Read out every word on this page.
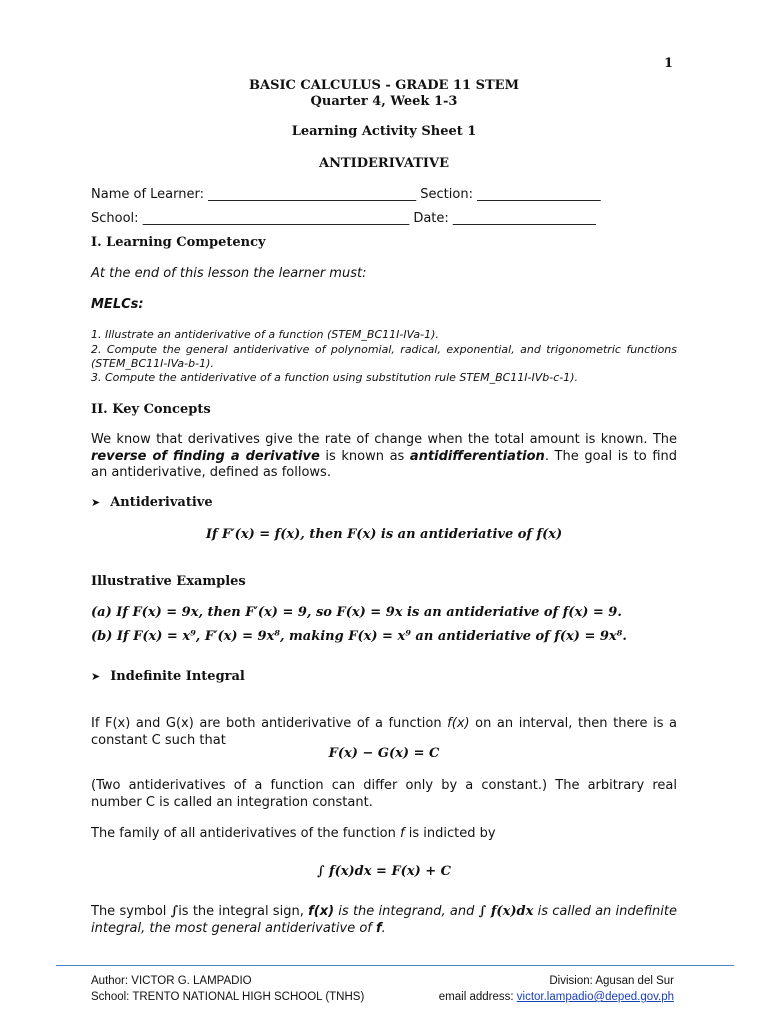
1
BASIC CALCULUS - GRADE 11 STEM
Quarter 4, Week 1-3
Learning Activity Sheet 1
ANTIDERIVATIVE
Name of Learner: ________________________________ Section: ___________________
School: _________________________________________ Date: ______________________
I. Learning Competency
At the end of this lesson the learner must:
MELCs:
1. Illustrate an antiderivative of a function (STEM_BC11I-IVa-1).
2. Compute the general antiderivative of polynomial, radical, exponential, and trigonometric functions (STEM_BC11I-IVa-b-1).
3. Compute the antiderivative of a function using substitution rule STEM_BC11I-IVb-c-1).
II. Key Concepts
We know that derivatives give the rate of change when the total amount is known. The reverse of finding a derivative is known as antidifferentiation. The goal is to find an antiderivative, defined as follows.
➤ Antiderivative
If F′(x) = f(x), then F(x) is an antideriative of f(x)
Illustrative Examples
(a) If F(x) = 9x, then F′(x) = 9, so F(x) = 9x is an antideriative of f(x) = 9.
(b) If F(x) = x⁹, F′(x) = 9x⁸, making F(x) = x⁹ an antideriative of f(x) = 9x⁸.
➤ Indefinite Integral
If F(x) and G(x) are both antiderivative of a function f(x) on an interval, then there is a constant C such that
F(x) − G(x) = C
(Two antiderivatives of a function can differ only by a constant.) The arbitrary real number C is called an integration constant.
The family of all antiderivatives of the function f is indicted by
∫ f(x)dx = F(x) + C
The symbol ∫is the integral sign, f(x) is the integrand, and ∫ f(x)dx is called an indefinite integral, the most general antiderivative of f.
Author: VICTOR G. LAMPADIO	Division: Agusan del Sur
School: TRENTO NATIONAL HIGH SCHOOL (TNHS)	email address: victor.lampadio@deped.gov.ph
